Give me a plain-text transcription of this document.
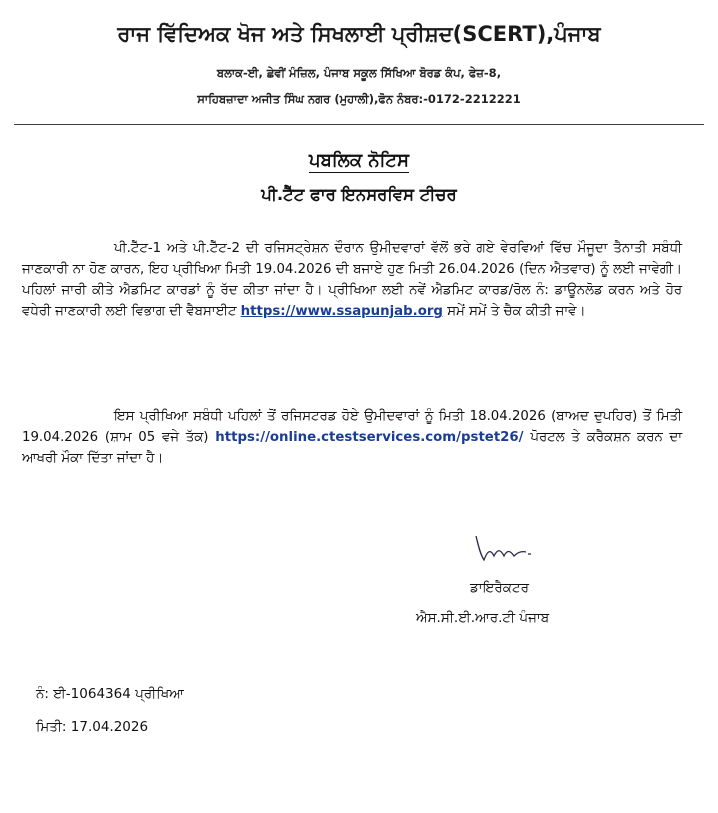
ਰਾਜ ਵਿੱਦਿਅਕ ਖੋਜ ਅਤੇ ਸਿਖਲਾਈ ਪ੍ਰੀਸ਼ਦ(SCERT),ਪੰਜਾਬ
ਬਲਾਕ-ਈ, ਛੇਵੀਂ ਮੰਜ਼ਿਲ, ਪੰਜਾਬ ਸਕੂਲ ਸਿੱਖਿਆ ਬੋਰਡ ਕੰਪ, ਫੇਜ਼-8,
ਸਾਹਿਬਜ਼ਾਦਾ ਅਜੀਤ ਸਿੰਘ ਨਗਰ (ਮੁਹਾਲੀ),ਫੋਨ ਨੰਬਰ:-0172-2212221
ਪਬਲਿਕ ਨੋਟਿਸ
ਪੀ.ਟੈੱਟ ਫਾਰ ਇਨਸਰਵਿਸ ਟੀਚਰ
ਪੀ.ਟੈੱਟ-1 ਅਤੇ ਪੀ.ਟੈੱਟ-2 ਦੀ ਰਜਿਸਟ੍ਰੇਸ਼ਨ ਦੌਰਾਨ ਉਮੀਦਵਾਰਾਂ ਵੱਲੋਂ ਭਰੇ ਗਏ ਵੇਰਵਿਆਂ ਵਿੱਚ ਮੌਜੂਦਾ ਤੈਨਾਤੀ ਸਬੰਧੀ ਜਾਣਕਾਰੀ ਨਾ ਹੋਣ ਕਾਰਨ, ਇਹ ਪ੍ਰੀਖਿਆ ਮਿਤੀ 19.04.2026 ਦੀ ਬਜਾਏ ਹੁਣ ਮਿਤੀ 26.04.2026 (ਦਿਨ ਐਤਵਾਰ) ਨੂੰ ਲਈ ਜਾਵੇਗੀ। ਪਹਿਲਾਂ ਜਾਰੀ ਕੀਤੇ ਐਡਮਿਟ ਕਾਰਡਾਂ ਨੂੰ ਰੱਦ ਕੀਤਾ ਜਾਂਦਾ ਹੈ। ਪ੍ਰੀਖਿਆ ਲਈ ਨਵੇਂ ਐਡਮਿਟ ਕਾਰਡ/ਰੋਲ ਨੰ: ਡਾਊਨਲੋਡ ਕਰਨ ਅਤੇ ਹੋਰ ਵਧੇਰੀ ਜਾਣਕਾਰੀ ਲਈ ਵਿਭਾਗ ਦੀ ਵੈਬਸਾਈਟ https://www.ssapunjab.org ਸਮੇਂ ਸਮੇਂ ਤੇ ਚੈਕ ਕੀਤੀ ਜਾਵੇ।
ਇਸ ਪ੍ਰੀਖਿਆ ਸਬੰਧੀ ਪਹਿਲਾਂ ਤੋਂ ਰਜਿਸਟਰਡ ਹੋਏ ਉਮੀਦਵਾਰਾਂ ਨੂੰ ਮਿਤੀ 18.04.2026 (ਬਾਅਦ ਦੁਪਹਿਰ) ਤੋਂ ਮਿਤੀ 19.04.2026 (ਸ਼ਾਮ 05 ਵਜੇ ਤੱਕ) https://online.ctestservices.com/pstet26/ ਪੋਰਟਲ ਤੇ ਕਰੈਕਸ਼ਨ ਕਰਨ ਦਾ ਆਖਰੀ ਮੌਕਾ ਦਿੱਤਾ ਜਾਂਦਾ ਹੈ।
ਡਾਇਰੈਕਟਰ
ਐਸ.ਸੀ.ਈ.ਆਰ.ਟੀ ਪੰਜਾਬ
ਨੰ: ਈ-1064364 ਪ੍ਰੀਖਿਆ
ਮਿਤੀ: 17.04.2026
